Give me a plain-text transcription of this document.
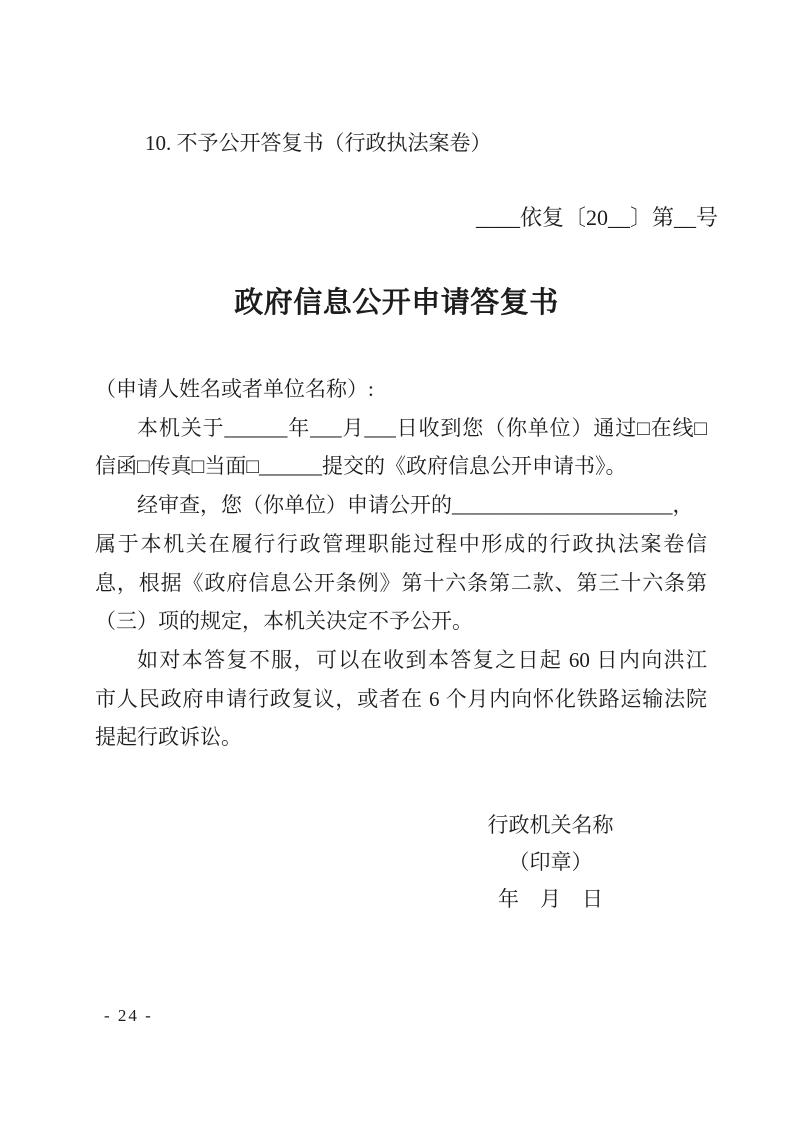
10. 不予公开答复书（行政执法案卷）
____依复〔20__〕第__号
政府信息公开申请答复书
（申请人姓名或者单位名称）:
本机关于______年___月___日收到您（你单位）通过□在线□
信函□传真□当面□______提交的《政府信息公开申请书》。
经审查，您（你单位）申请公开的_____________________，
属于本机关在履行行政管理职能过程中形成的行政执法案卷信
息，根据《政府信息公开条例》第十六条第二款、第三十六条第
（三）项的规定，本机关决定不予公开。
如对本答复不服，可以在收到本答复之日起 60 日内向洪江
市人民政府申请行政复议，或者在 6 个月内向怀化铁路运输法院
提起行政诉讼。
行政机关名称
（印章）
年　月　日
- 24 -
